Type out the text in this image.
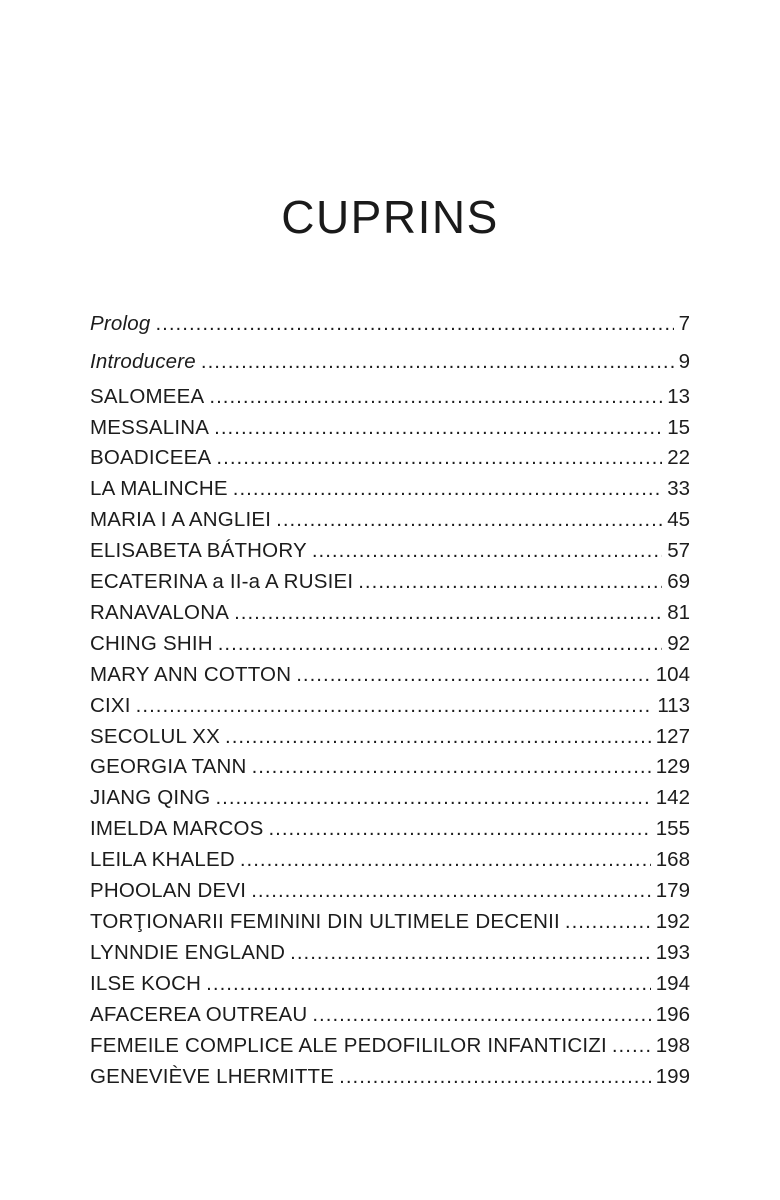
CUPRINS
Prolog .....	7
Introducere .....	9
SALOMEEA .....	13
MESSALINA .....	15
BOADICEEA .....	22
LA MALINCHE .....	33
MARIA I A ANGLIEI .....	45
ELISABETA BÁTHORY .....	57
ECATERINA a II-a A RUSIEI .....	69
RANAVALONA .....	81
CHING SHIH .....	92
MARY ANN COTTON .....	104
CIXI .....	113
SECOLUL XX .....	127
GEORGIA TANN .....	129
JIANG QING .....	142
IMELDA MARCOS .....	155
LEILA KHALED .....	168
PHOOLAN DEVI .....	179
TORŢIONARII FEMININI DIN ULTIMELE DECENII .....	192
LYNNDIE ENGLAND .....	193
ILSE KOCH .....	194
AFACEREA OUTREAU .....	196
FEMEILE COMPLICE ALE PEDOFILILOR INFANTICIZI ..... 198
GENEVIÈVE LHERMITTE .....	199
